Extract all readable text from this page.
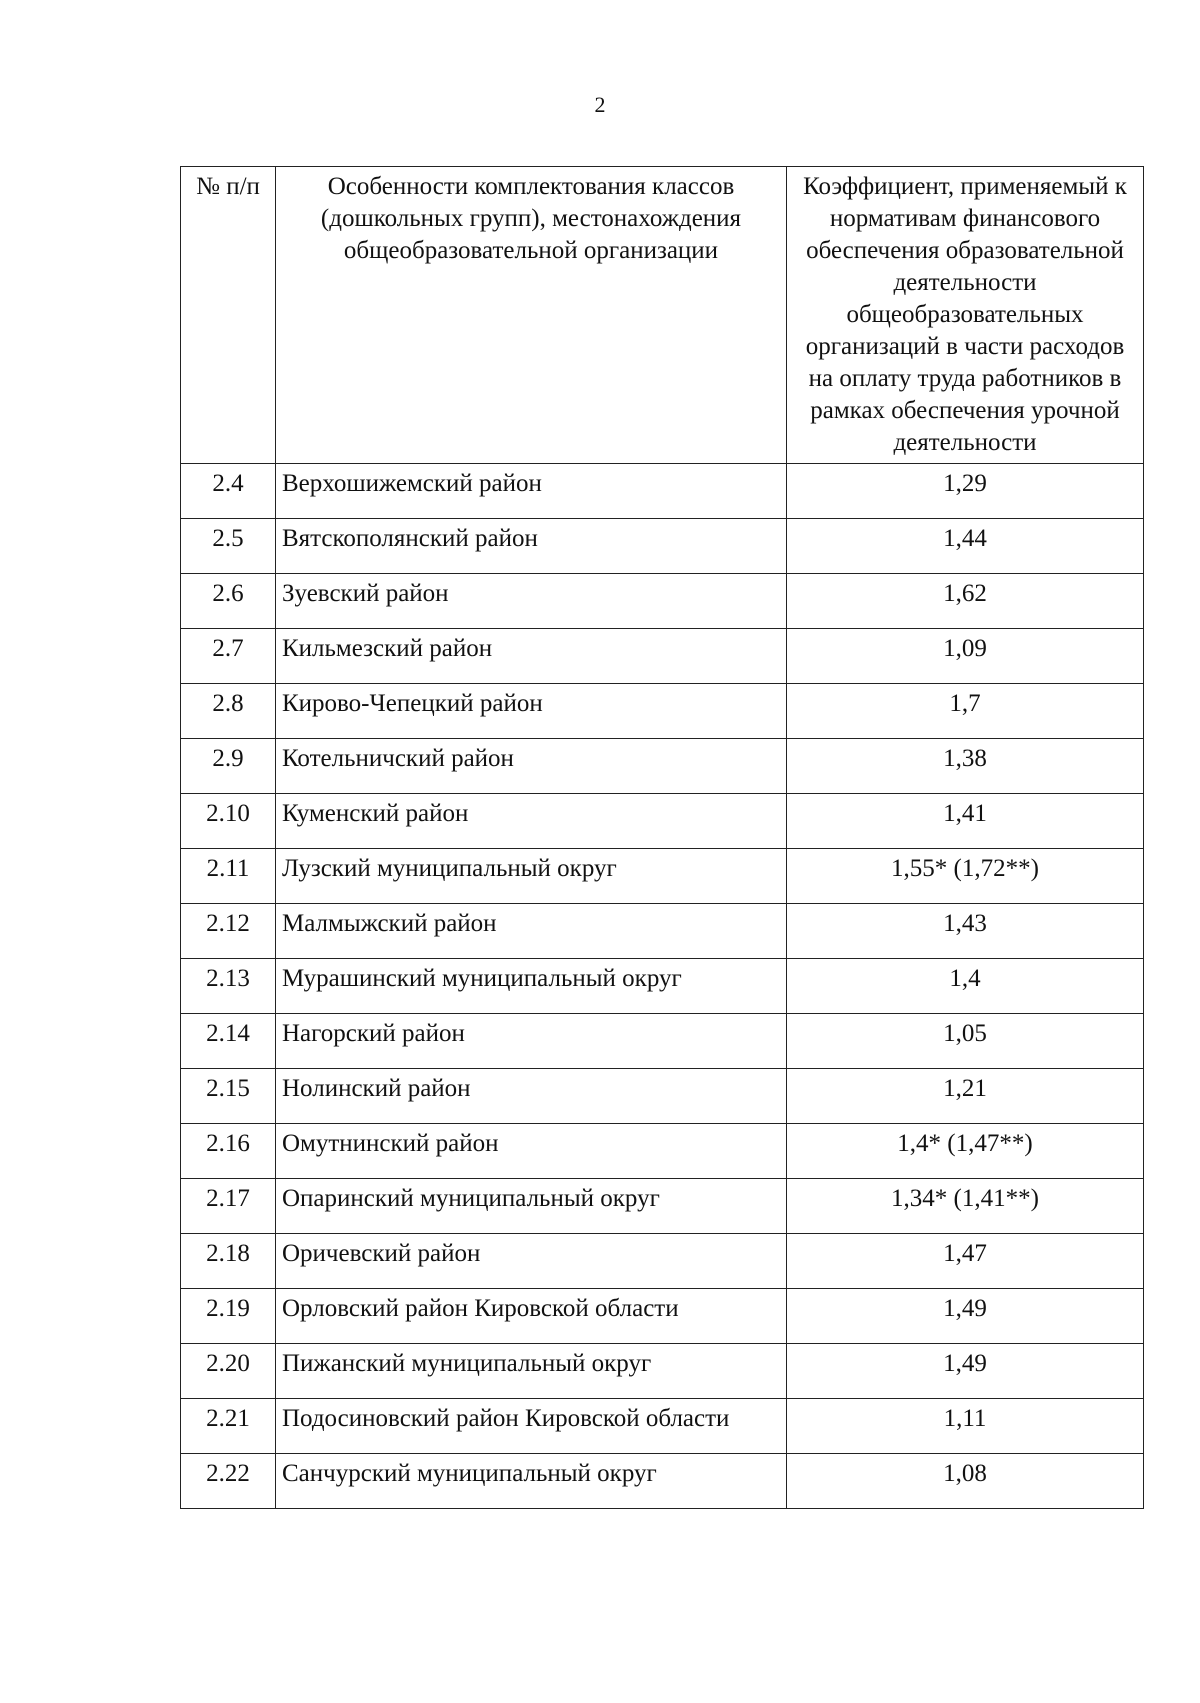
2
№ п/п	Особенности комплектования классов (дошкольных групп), местонахождения общеобразовательной организации	Коэффициент, применяемый к нормативам финансового обеспечения образовательной деятельности общеобразовательных организаций в части расходов на оплату труда работников в рамках обеспечения урочной деятельности
2.4	Верхошижемский район	1,29
2.5	Вятскополянский район	1,44
2.6	Зуевский район	1,62
2.7	Кильмезский район	1,09
2.8	Кирово-Чепецкий район	1,7
2.9	Котельничский район	1,38
2.10	Куменский район	1,41
2.11	Лузский муниципальный округ	1,55* (1,72**)
2.12	Малмыжский район	1,43
2.13	Мурашинский муниципальный округ	1,4
2.14	Нагорский район	1,05
2.15	Нолинский район	1,21
2.16	Омутнинский район	1,4* (1,47**)
2.17	Опаринский муниципальный округ	1,34* (1,41**)
2.18	Оричевский район	1,47
2.19	Орловский район Кировской области	1,49
2.20	Пижанский муниципальный округ	1,49
2.21	Подосиновский район Кировской области	1,11
2.22	Санчурский муниципальный округ	1,08
